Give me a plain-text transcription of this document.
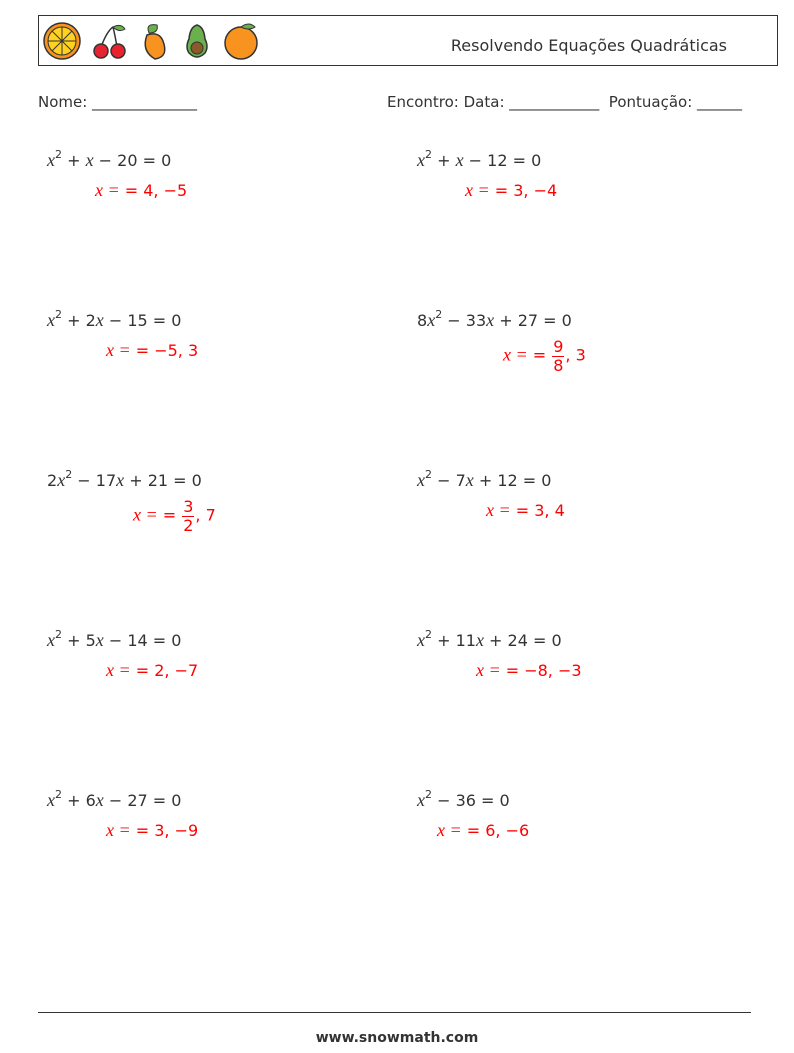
Resolvendo Equações Quadráticas
Nome: ______________	Encontro: Data: ____________  Pontuação: ______
$x^2 + x - 20 = 0$
x = = 4, −5
$x^2 + x - 12 = 0$
x = = 3, −4
$x^2 + 2x - 15 = 0$
x = = −5, 3
$8x^2 - 33x + 27 = 0$
x = = $\frac{9}{8}$ , 3
$2x^2 - 17x + 21 = 0$
x = = $\frac{3}{2}$ , 7
$x^2 - 7x + 12 = 0$
x = = 3, 4
$x^2 + 5x - 14 = 0$
x = = 2, −7
$x^2 + 11x + 24 = 0$
x = = −8, −3
$x^2 + 6x - 27 = 0$
x = = 3, −9
$x^2 - 36 = 0$
x = = 6, −6
www.snowmath.com
